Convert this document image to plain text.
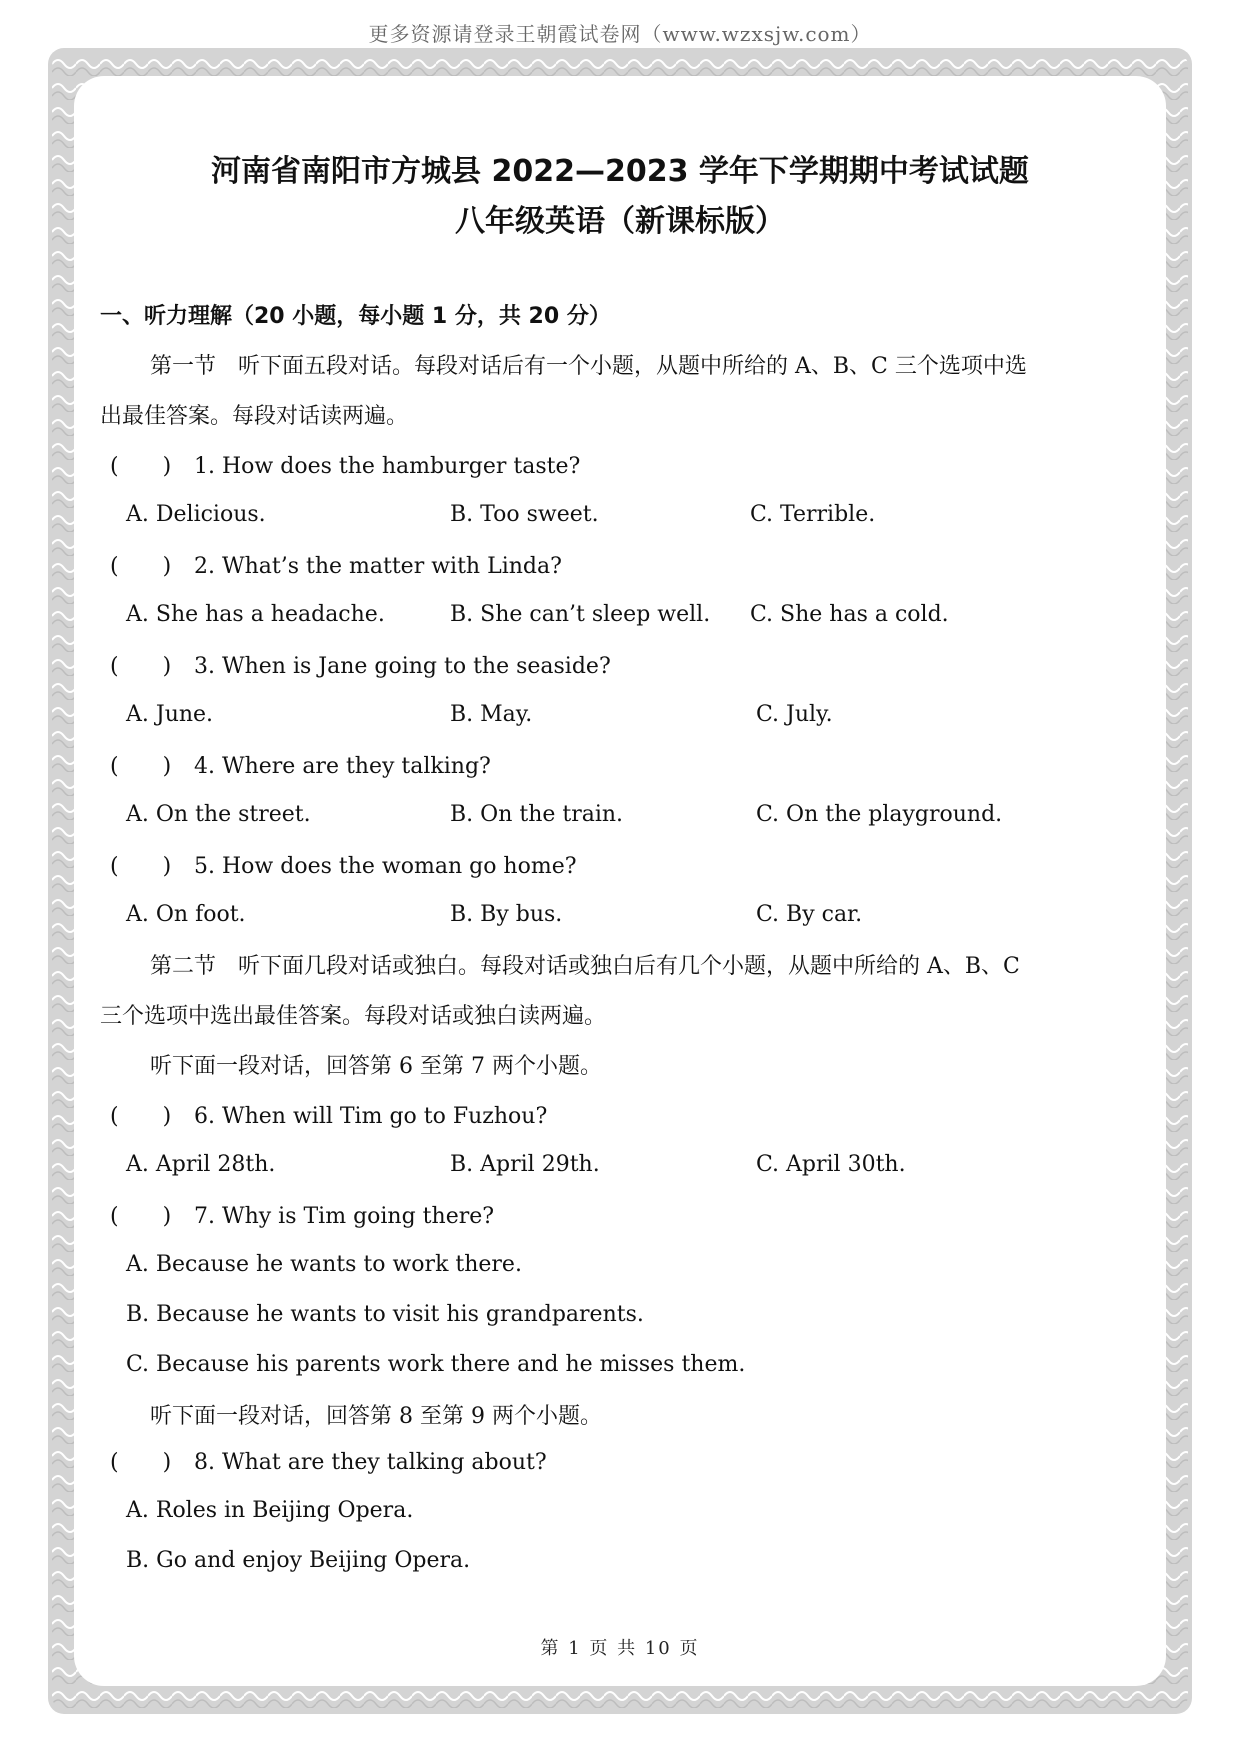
更多资源请登录王朝霞试卷网（www.wzxsjw.com）
河南省南阳市方城县 2022—2023 学年下学期期中考试试题
八年级英语（新课标版）
一、听力理解（20 小题，每小题 1 分，共 20 分）
第一节　听下面五段对话。每段对话后有一个小题，从题中所给的 A、B、C 三个选项中选
出最佳答案。每段对话读两遍。
(　　) 1. How does the hamburger taste?
A. Delicious.	B. Too sweet.	C. Terrible.
(　　) 2. What’s the matter with Linda?
A. She has a headache.	B. She can’t sleep well. C. She has a cold.
(　　) 3. When is Jane going to the seaside?
A. June.	B. May.	C. July.
(　　) 4. Where are they talking?
A. On the street.	B. On the train.	C. On the playground.
(　　) 5. How does the woman go home?
A. On foot.	B. By bus.	C. By car.
第二节　听下面几段对话或独白。每段对话或独白后有几个小题，从题中所给的 A、B、C
三个选项中选出最佳答案。每段对话或独白读两遍。
听下面一段对话，回答第 6 至第 7 两个小题。
(　　) 6. When will Tim go to Fuzhou?
A. April 28th.	B. April 29th.	C. April 30th.
(　　) 7. Why is Tim going there?
A. Because he wants to work there.
B. Because he wants to visit his grandparents.
C. Because his parents work there and he misses them.
听下面一段对话，回答第 8 至第 9 两个小题。
(　　) 8. What are they talking about?
A. Roles in Beijing Opera.
B. Go and enjoy Beijing Opera.
第 1 页 共 10 页
